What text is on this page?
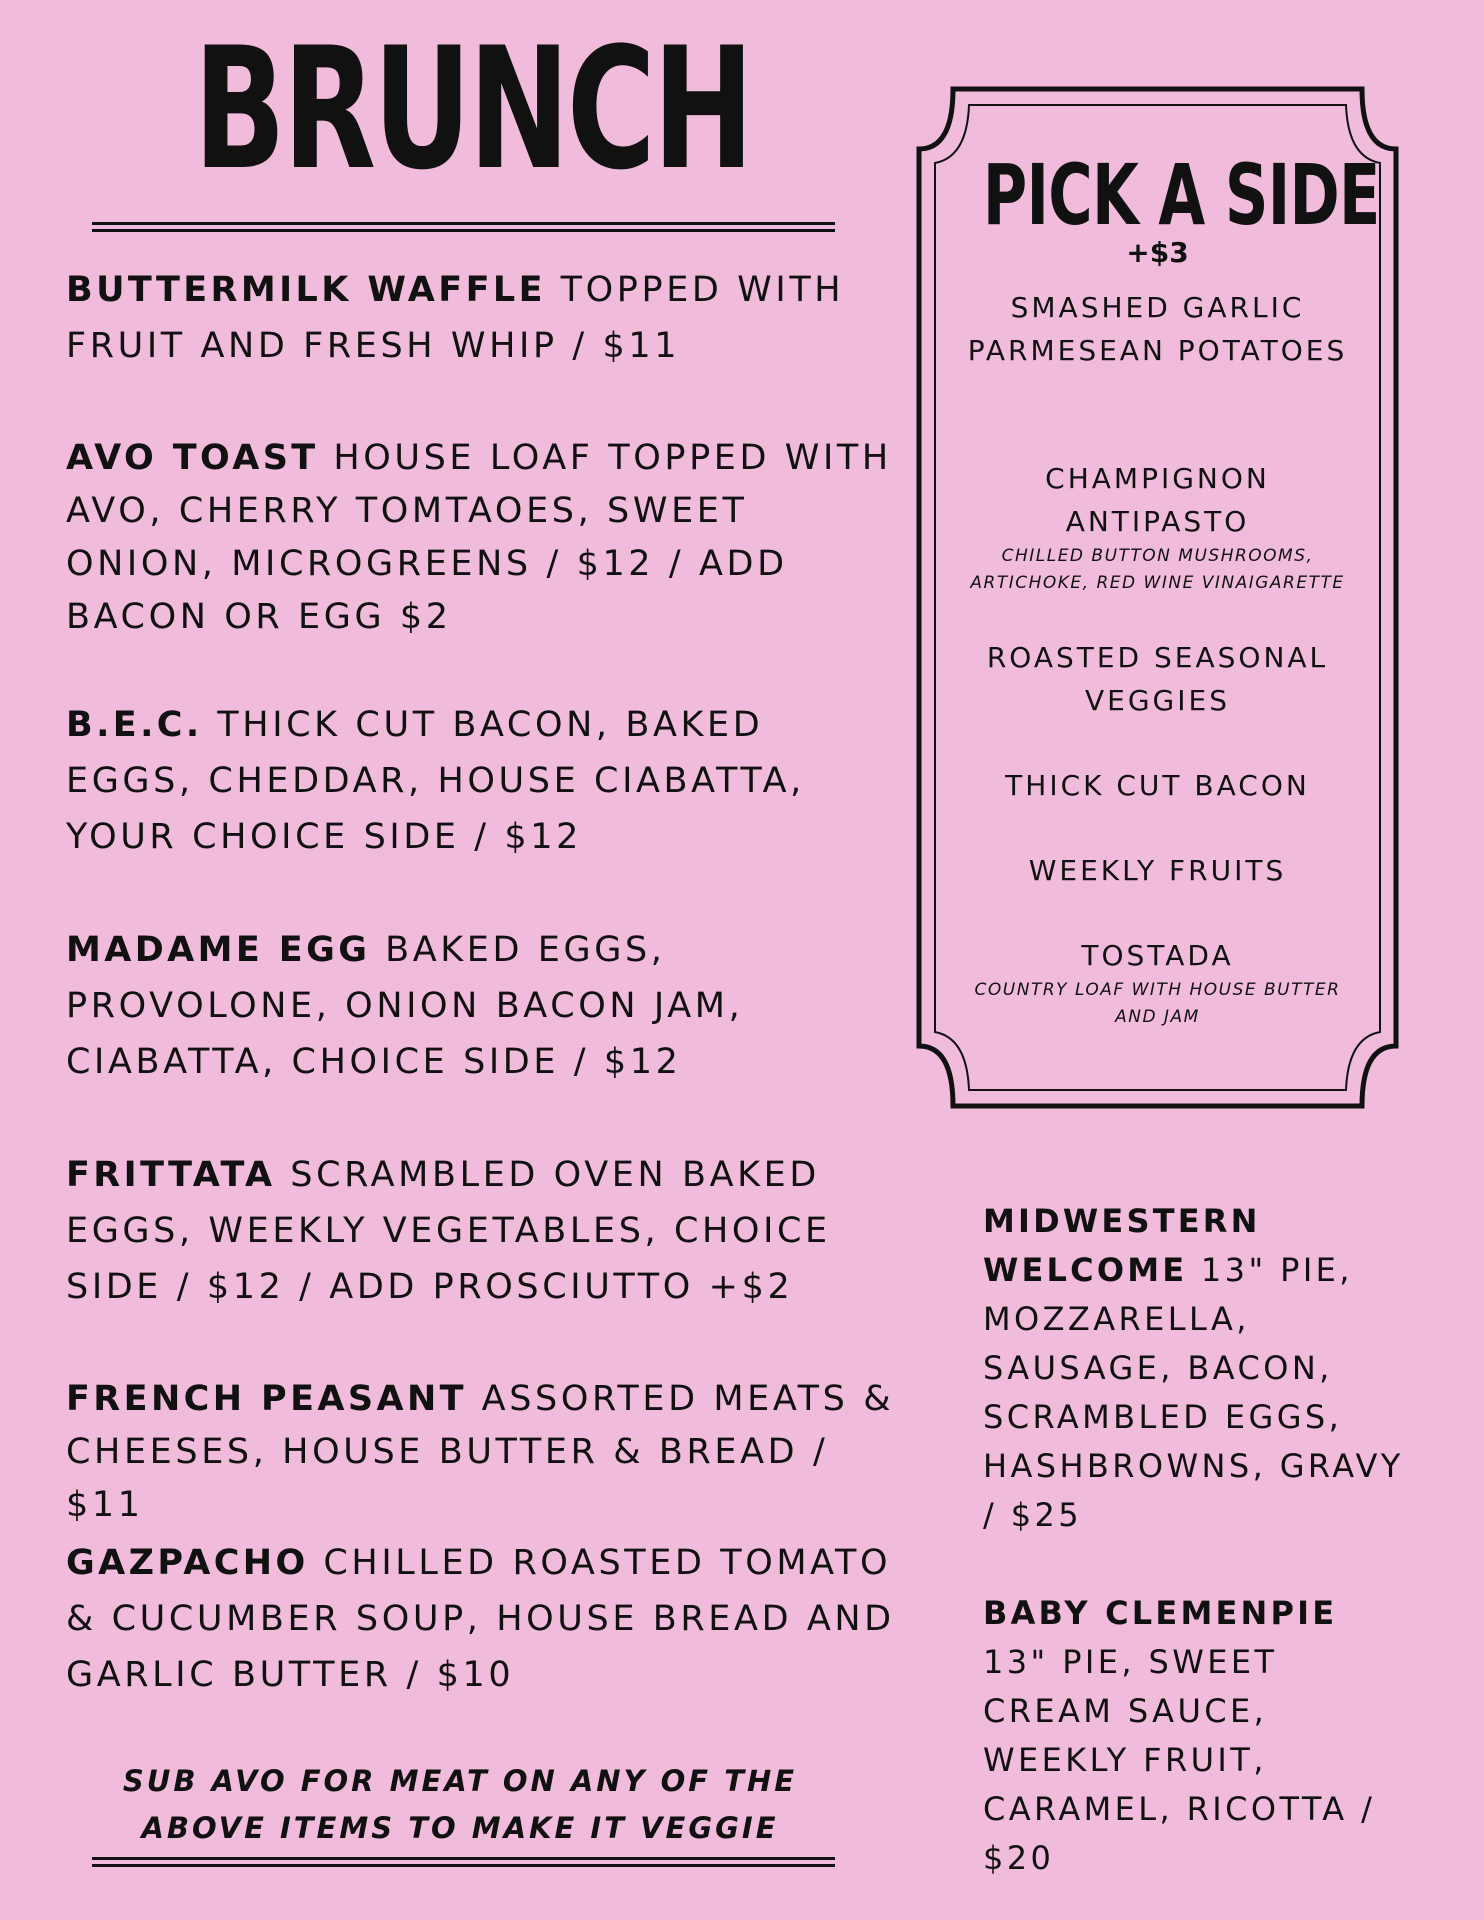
BRUNCH
BUTTERMILK WAFFLE TOPPED WITH FRUIT AND FRESH WHIP / $11
AVO TOAST HOUSE LOAF TOPPED WITH AVO, CHERRY TOMTAOES, SWEET ONION, MICROGREENS / $12 / ADD BACON OR EGG $2
B.E.C. THICK CUT BACON, BAKED EGGS, CHEDDAR, HOUSE CIABATTA, YOUR CHOICE SIDE / $12
MADAME EGG BAKED EGGS, PROVOLONE, ONION BACON JAM, CIABATTA, CHOICE SIDE / $12
FRITTATA SCRAMBLED OVEN BAKED EGGS, WEEKLY VEGETABLES, CHOICE SIDE / $12 / ADD PROSCIUTTO +$2
FRENCH PEASANT ASSORTED MEATS & CHEESES, HOUSE BUTTER & BREAD / $11
GAZPACHO CHILLED ROASTED TOMATO & CUCUMBER SOUP, HOUSE BREAD AND GARLIC BUTTER / $10
SUB AVO FOR MEAT ON ANY OF THE ABOVE ITEMS TO MAKE IT VEGGIE
PICK A SIDE
+$3
SMASHED GARLIC PARMESEAN POTATOES
CHAMPIGNON ANTIPASTO
CHILLED BUTTON MUSHROOMS, ARTICHOKE, RED WINE VINAIGARETTE
ROASTED SEASONAL VEGGIES
THICK CUT BACON
WEEKLY FRUITS
TOSTADA
COUNTRY LOAF WITH HOUSE BUTTER AND JAM
MIDWESTERN WELCOME 13" PIE, MOZZARELLA, SAUSAGE, BACON, SCRAMBLED EGGS, HASHBROWNS, GRAVY / $25
BABY CLEMENPIE 13" PIE, SWEET CREAM SAUCE, WEEKLY FRUIT, CARAMEL, RICOTTA / $20
